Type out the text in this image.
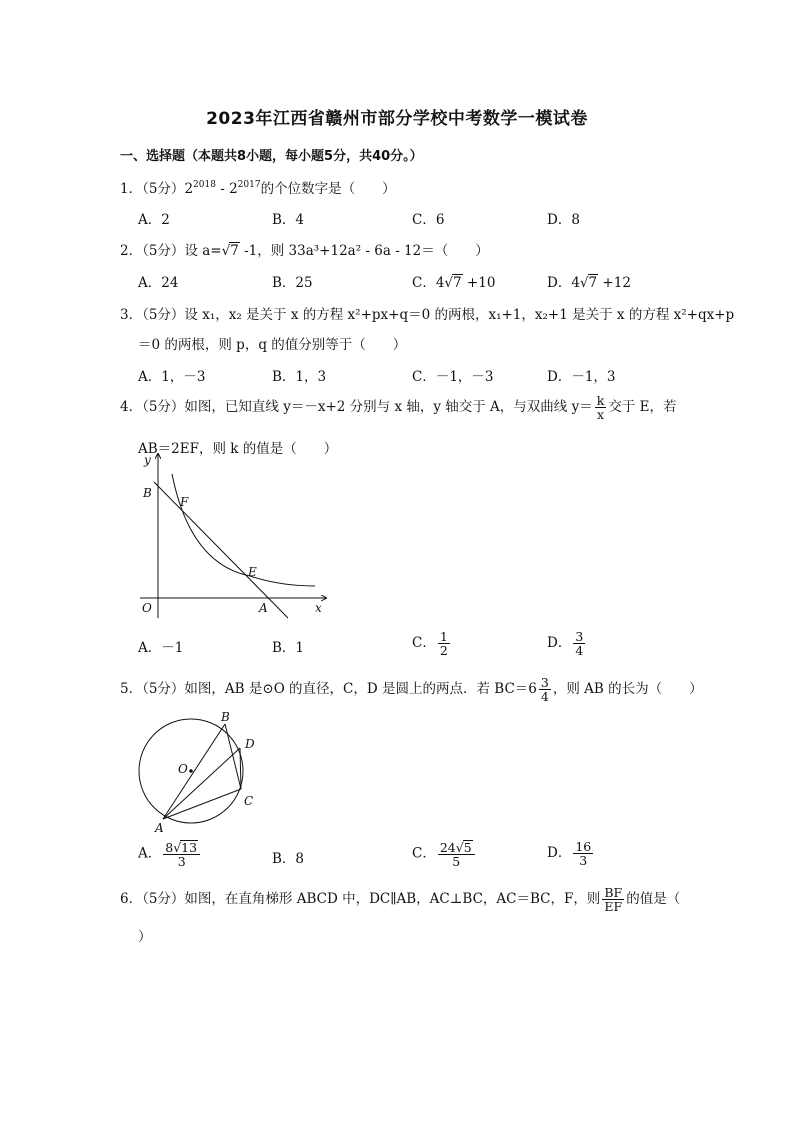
2023年江西省赣州市部分学校中考数学一模试卷
一、选择题（本题共8小题，每小题5分，共40分。）
1．（5分）$2^{2018} - 2^{2017}$的个位数字是（　　）
A．2	B．4	C．6	D．8
2．（5分）设 a=√7 -1，则 33a³+12a² - 6a - 12＝（　　）
A．24	B．25	C．4√7 +10	D．4√7 +12
3．（5分）设 x₁，x₂ 是关于 x 的方程 x²+px+q＝0 的两根，x₁+1，x₂+1 是关于 x 的方程 x²+qx+p
＝0 的两根，则 p，q 的值分别等于（　　）
A．1，－3	B．1，3	C．－1，－3	D．－1，3
4．（5分）如图，已知直线 y＝－x+2 分别与 x 轴，y 轴交于 A，与双曲线 $y= \frac{k}{x}$ 交于 E，若
AB＝2EF，则 k 的值是（　　）
y
B
F
E
O	A	x
A．－1	B．1	C． $\frac{1}{2}$	D． $\frac{3}{4}$
5．（5分）如图，AB 是⊙O 的直径，C，D 是圆上的两点．若 $BC=6 \frac{3}{4}$ ，则 AB 的长为（　　）
B
D
O
C
A
A． $\frac{8√13}{3}$	B．8	C． $\frac{24√5}{5}$	D． $\frac{16}{3}$
6．（5分）如图，在直角梯形 ABCD 中，DC∥AB，AC⊥BC，AC＝BC，F，则 $\frac{BF}{EF}$ 的值是（
）
